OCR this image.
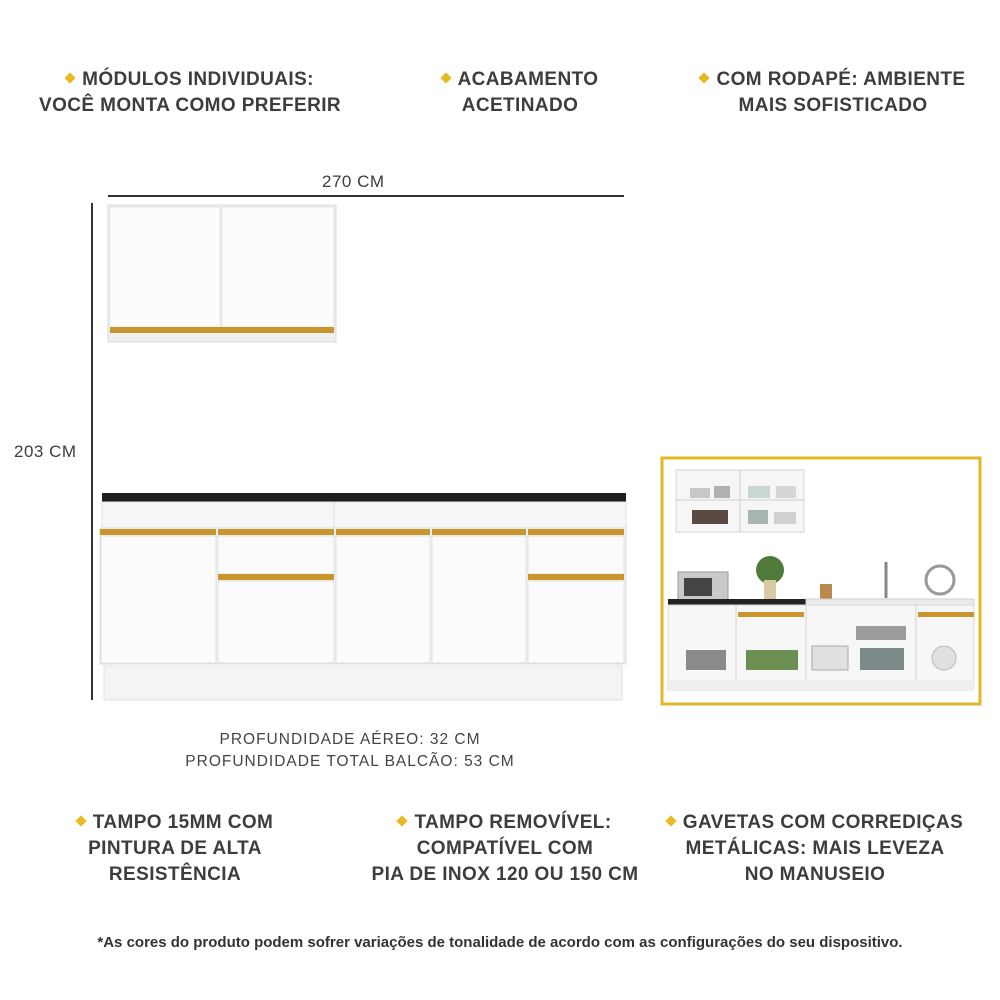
MÓDULOS INDIVIDUAIS:
VOCÊ MONTA COMO PREFERIR
ACABAMENTO
ACETINADO
COM RODAPÉ: AMBIENTE
MAIS SOFISTICADO
270 CM
203 CM
PROFUNDIDADE AÉREO: 32 CM
PROFUNDIDADE TOTAL BALCÃO: 53 CM
TAMPO 15MM COM
PINTURA DE ALTA
RESISTÊNCIA
TAMPO REMOVÍVEL:
COMPATÍVEL COM
PIA DE INOX 120 OU 150 CM
GAVETAS COM CORREDIÇAS
METÁLICAS: MAIS LEVEZA
NO MANUSEIO
*As cores do produto podem sofrer variações de tonalidade de acordo com as configurações do seu dispositivo.
